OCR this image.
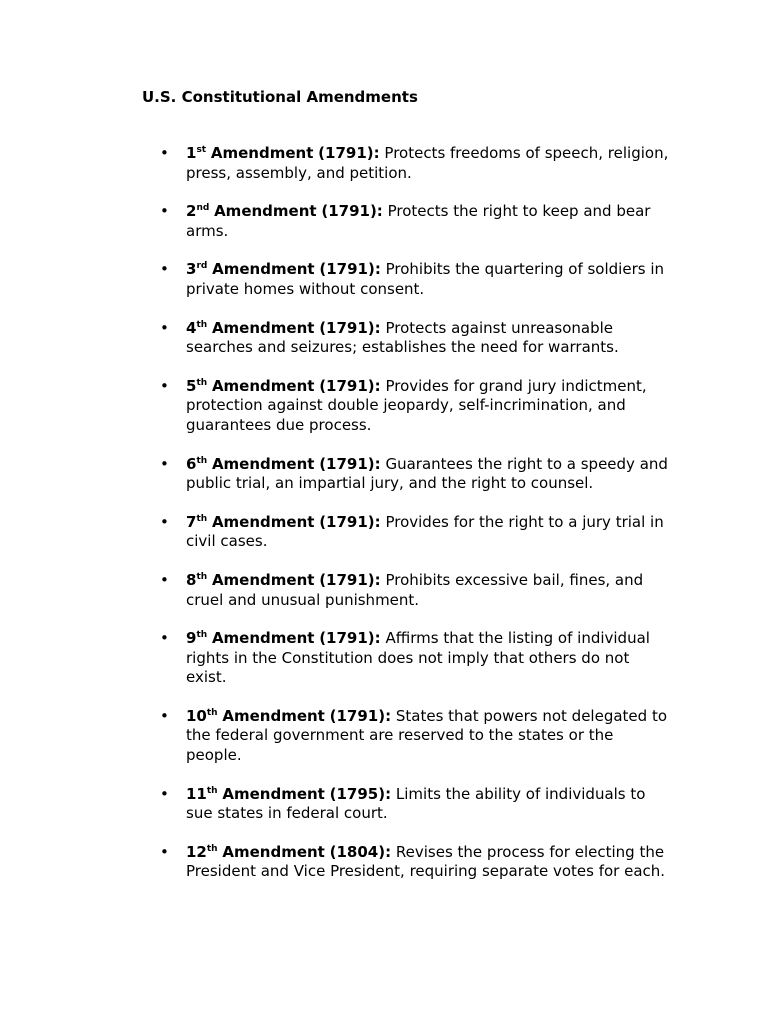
U.S. Constitutional Amendments
• 1st Amendment (1791): Protects freedoms of speech, religion, press, assembly, and petition.
• 2nd Amendment (1791): Protects the right to keep and bear arms.
• 3rd Amendment (1791): Prohibits the quartering of soldiers in private homes without consent.
• 4th Amendment (1791): Protects against unreasonable searches and seizures; establishes the need for warrants.
• 5th Amendment (1791): Provides for grand jury indictment, protection against double jeopardy, self-incrimination, and guarantees due process.
• 6th Amendment (1791): Guarantees the right to a speedy and public trial, an impartial jury, and the right to counsel.
• 7th Amendment (1791): Provides for the right to a jury trial in civil cases.
• 8th Amendment (1791): Prohibits excessive bail, fines, and cruel and unusual punishment.
• 9th Amendment (1791): Affirms that the listing of individual rights in the Constitution does not imply that others do not exist.
• 10th Amendment (1791): States that powers not delegated to the federal government are reserved to the states or the people.
• 11th Amendment (1795): Limits the ability of individuals to sue states in federal court.
• 12th Amendment (1804): Revises the process for electing the President and Vice President, requiring separate votes for each.
